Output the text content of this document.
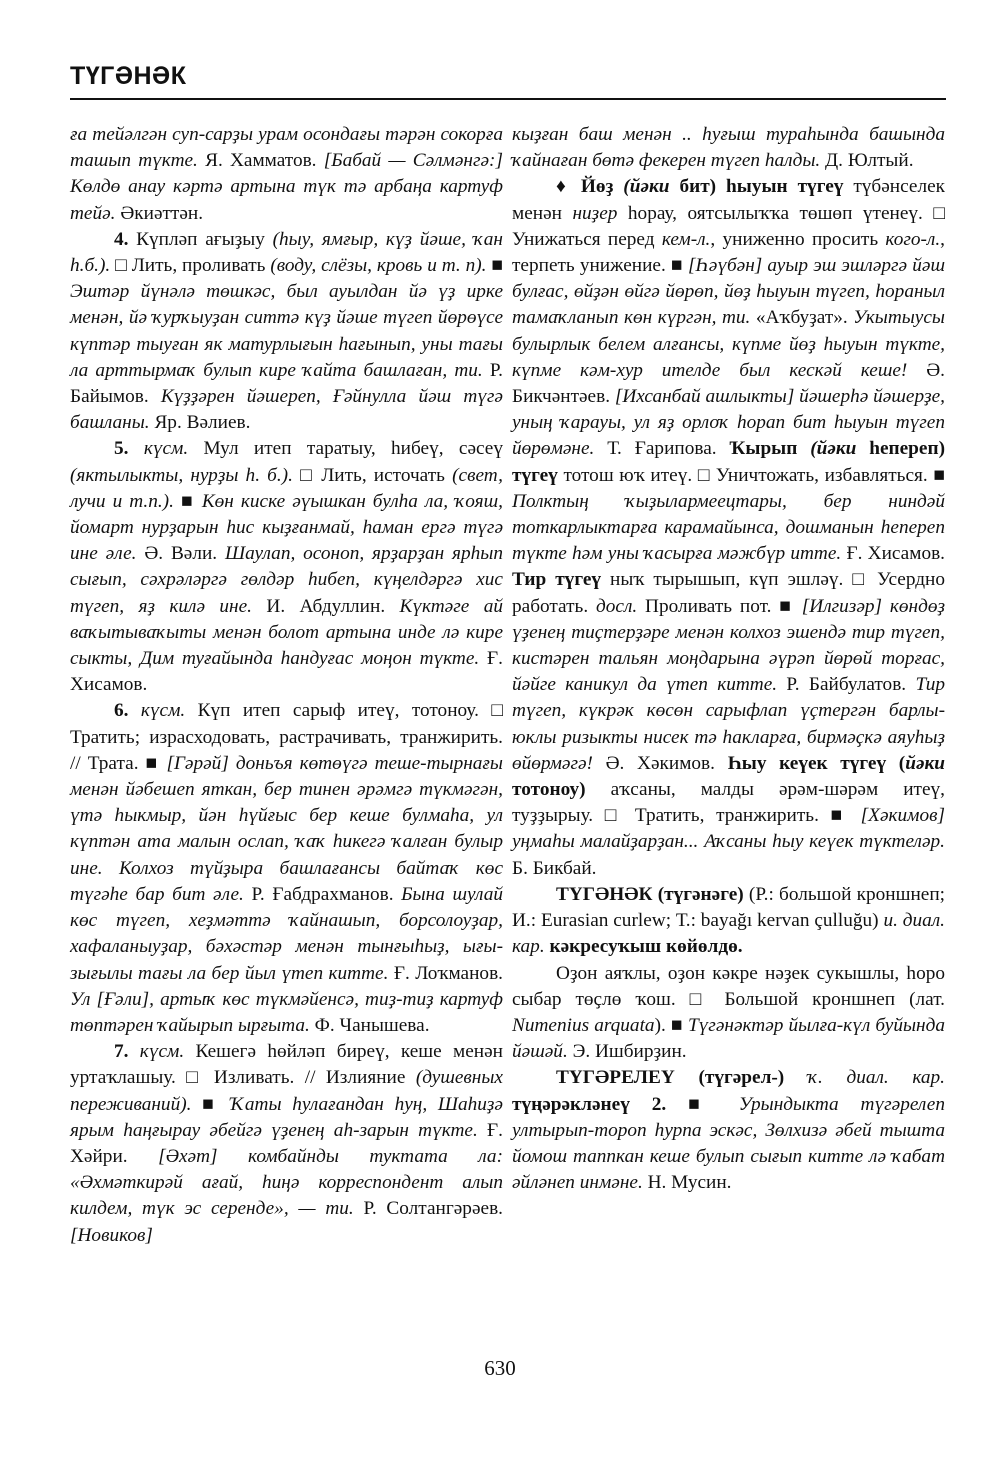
ТҮГӘНӘК

ға тейәлгән суп-сарҙы урам осондағы тәрән сокорға ташып түкте. Я. Хамматов. [Бабай — Сәлмәнгә:] Көлдө анау кәртә артына түк тә арбаңа картуф тейә. Әкиәттән.

4. Күпләп ағыҙыу (һыу, ямғыр, күҙ йәше, ҡан һ.б.). □ Лить, проливать (воду, слёзы, кровь и т. п). ■ Эштәр йүнәлә төшкәс, был ауылдан йә үҙ ирке менән, йә ҡурҡыуҙан ситтә күҙ йәше түгеп йөрөүсе күптәр тыуған як матурлығын һағынып, уны тағы ла арттырмаҡ булып кире ҡайта башлаған, ти. Р. Байымов. Күҙҙәрен йәшереп, Ғәйнулла йәш түгә башланы. Яр. Вәлиев.

5. күсм. Мул итеп таратыу, һибеү, сәсеү (яктылыкты, нурҙы һ. б.). □ Лить, источать (свет, лучи и т.п.). ■ Көн киске әүышкан булһа ла, ҡояш, йомарт нурҙарын һис кыҙғанмай, һаман ергә түгә ине әле. Ә. Вәли. Шаулап, осоноп, ярҙарҙан ярһып сығып, сәхрәләргә гөлдәр һибеп, күңелдәргә хис түгеп, яҙ килә ине. И. Абдуллин. Күктәге ай ваҡытываҡыты менән болот артына инде лә кире сыкты, Дим туғайында һандуғас моңон түкте. Ғ. Хисамов.

6. күсм. Күп итеп сарыф итеү, тотоноу. □ Тратить; израсходовать, растрачивать, транжирить. // Трата. ■ [Гәрәй] доньъя көтөүгә теше-тырнағы менән йәбешеп яткан, бер тинен әрәмгә түкмәгән, үтә һыкмыр, йән һүйғыс бер кеше булмаһа, ул күптән ата малын ослап, ҡаҡ һикегә ҡалған булыр ине. Колхоз түйҙыра башлағансы байтаҡ көс түгәһе бар бит әле. Р. Ғабдрахманов. Бына шулай көс түгеп, хеҙмәттә ҡайнашып, борсолоуҙар, хафаланыуҙар, бәхәстәр менән тынғыһыҙ, ығы-зығылы тағы ла бер йыл үтеп китте. Ғ. Лоҡманов. Ул [Ғәли], артыҡ көс түкмәйенсә, тиҙ-тиҙ картуф төптәрен ҡайырып ырғыта. Ф. Чанышева.

7. күсм. Кешегә һөйләп биреү, кеше менән уртаҡлашыу. □ Изливать. // Излияние (душевных переживаний). ■ Ҡаты һулағандан һуң, Шаһиҙә ярым һаңғырау әбейгә үҙенең аһ-зарын түкте. Ғ. Хәйри. [Әхәт] комбайнды туктата ла: «Әхмәткирәй ағай, һиңә корреспондент алып килдем, түк эс серенде», — ти. Р. Солтангәрәев. [Новиков]

кыҙған баш менән .. һуғыш тураһында башында ҡайнаған бөтә фекерен түгеп һалды. Д. Юлтый.

♦ Йөҙ (йәки бит) һыуын түгеү түбәнселек менән ниҙер һорау, оятсылыҡҡа төшөп үтенеү. □ Унижаться перед кем-л., униженно просить кого-л., терпеть унижение. ■ [Һәүбән] ауыр эш эшләргә йәш булғас, өйҙән өйгә йөрөп, йөҙ һыуын түгеп, һораныл тамаҡланып көн күргән, ти. «Аҡбуҙат». Укытыусы булырлык белем алғансы, күпме йөҙ һыуын түкте, күпме кәм-хур ителде был кескәй кеше! Ә. Бикчәнтәев. [Ихсанбай ашлыкты] йәшерһә йәшерҙе, уның ҡарауы, ул яҙ орлоҡ һорап бит һыуын түгеп йөрөмәне. Т. Ғарипова. Ҡырып (йәки һепереп) түгеү тотош юҡ итеү. □ Уничтожать, избавляться. ■ Полктың ҡыҙылармеецтары, бер ниндәй тоткарлыктарға карамайынса, дошманын һепереп түкте һәм уны ҡасырға мәжбүр итте. Ғ. Хисамов. Тир түгеү ныҡ тырышып, күп эшләү. □ Усердно работать. досл. Проливать пот. ■ [Илгизәр] көндөҙ үҙенең тиҫтерҙәре менән колхоз эшендә тир түгеп, кистәрен тальян моңдарына әүрәп йөрөй торғас, йәйге каникул да үтеп китте. Р. Байбулатов. Тир түгеп, күкрәк көсөн сарыфлап үҫтергән барлы-юклы ризыкты нисек тә һакларға, бирмәҫкә аяуһыҙ өйөрмәгә! Ә. Хәкимов. Һыу кеүек түгеү (йәки тотоноу) аҡсаны, малды әрәм-шәрәм итеү, туҙҙырыу. □ Тратить, транжирить. ■ [Хәкимов] уңмаһы малайҙарҙан... Аҡсаны һыу кеүек түктеләр. Б. Бикбай.

ТҮГӘНӘК (түгәнәге) (Р.: большой кроншнеп; И.: Eurasian curlew; Т.: bayağı kervan çulluğu) и. диал. кар. кәкресуҡыш көйөлдө.

Оҙон аяҡлы, оҙон кәкре нәҙек сукышлы, һоро сыбар төҫлө ҡош. □ Большой кроншнеп (лат. Numenius arquata). ■ Түгәнәктәр йылға-күл буйында йәшәй. Э. Ишбирҙин.

ТҮГӘРЕЛЕҮ (түгәрел-) ҡ. диал. кар. түңәрәкләнеү 2. ■ Урындыкта түгәрелеп ултырып-тороп һурпа эскәс, Зөлхизә әбей тышта йомош таппкан кеше булып сығып китте лә ҡабат әйләнеп инмәне. Н. Мусин.

630
